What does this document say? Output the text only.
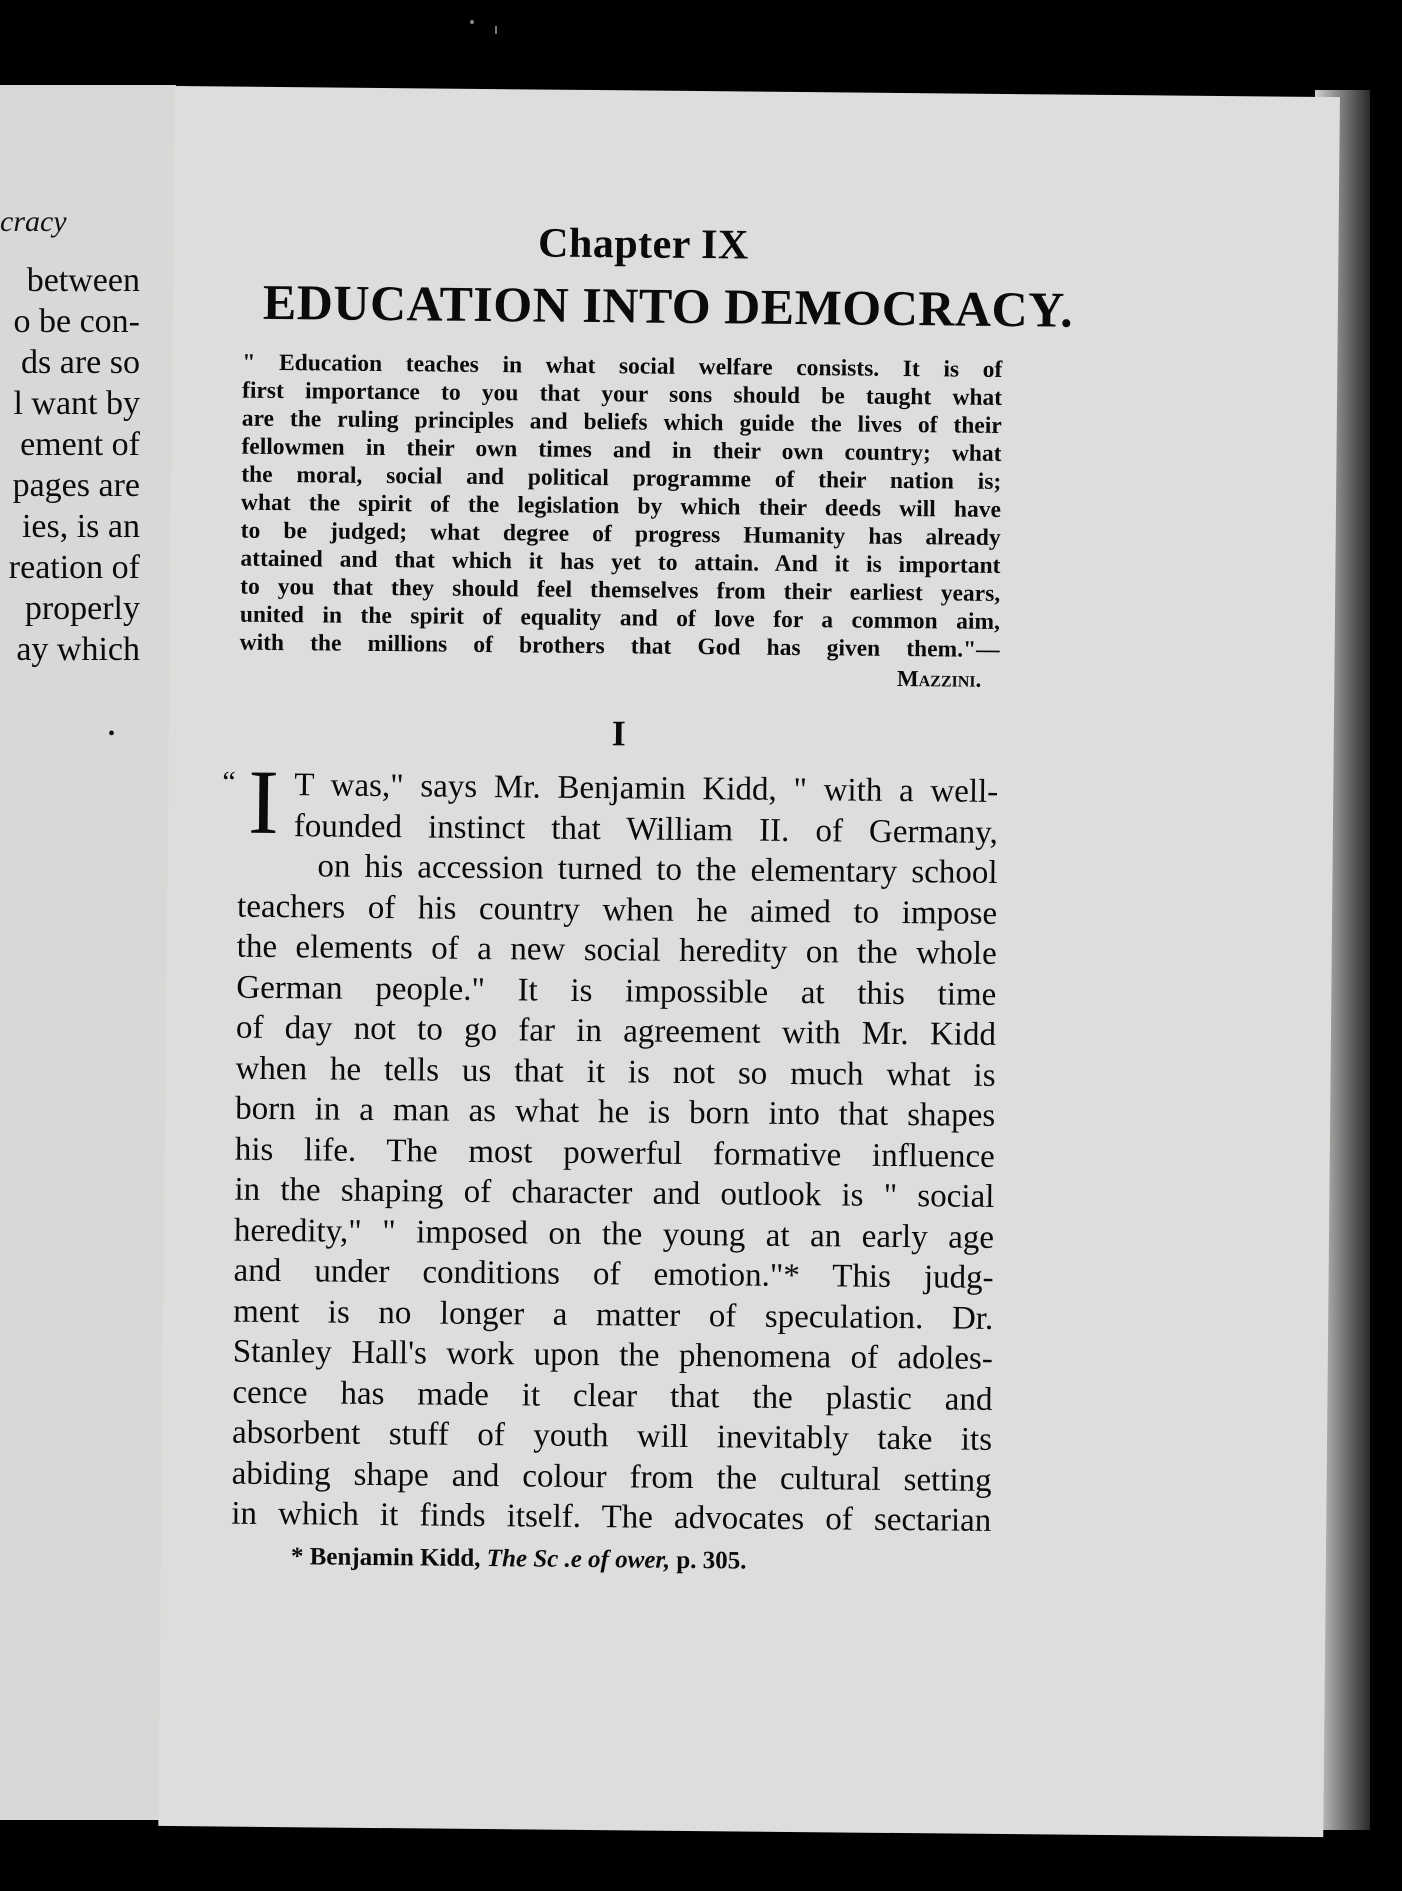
cracy
between
o be con-
ds are so
l want by
ement of
pages are
ies, is an
reation of
properly
ay which
•
Chapter IX
EDUCATION INTO DEMOCRACY.
" Education teaches in what social welfare consists. It is of
first importance to you that your sons should be taught what
are the ruling principles and beliefs which guide the lives of their
fellowmen in their own times and in their own country; what
the moral, social and political programme of their nation is;
what the spirit of the legislation by which their deeds will have
to be judged; what degree of progress Humanity has already
attained and that which it has yet to attain. And it is important
to you that they should feel themselves from their earliest years,
united in the spirit of equality and of love for a common aim,
with the millions of brothers that God has given them."—
Mazzini.
I
“ I T was," says Mr. Benjamin Kidd, " with a well-
founded instinct that William II. of Germany,
on his accession turned to the elementary school
teachers of his country when he aimed to impose
the elements of a new social heredity on the whole
German people." It is impossible at this time
of day not to go far in agreement with Mr. Kidd
when he tells us that it is not so much what is
born in a man as what he is born into that shapes
his life. The most powerful formative influence
in the shaping of character and outlook is " social
heredity," " imposed on the young at an early age
and under conditions of emotion."* This judg-
ment is no longer a matter of speculation. Dr.
Stanley Hall's work upon the phenomena of adoles-
cence has made it clear that the plastic and
absorbent stuff of youth will inevitably take its
abiding shape and colour from the cultural setting
in which it finds itself. The advocates of sectarian
* Benjamin Kidd, The Sc .e of ower, p. 305.
